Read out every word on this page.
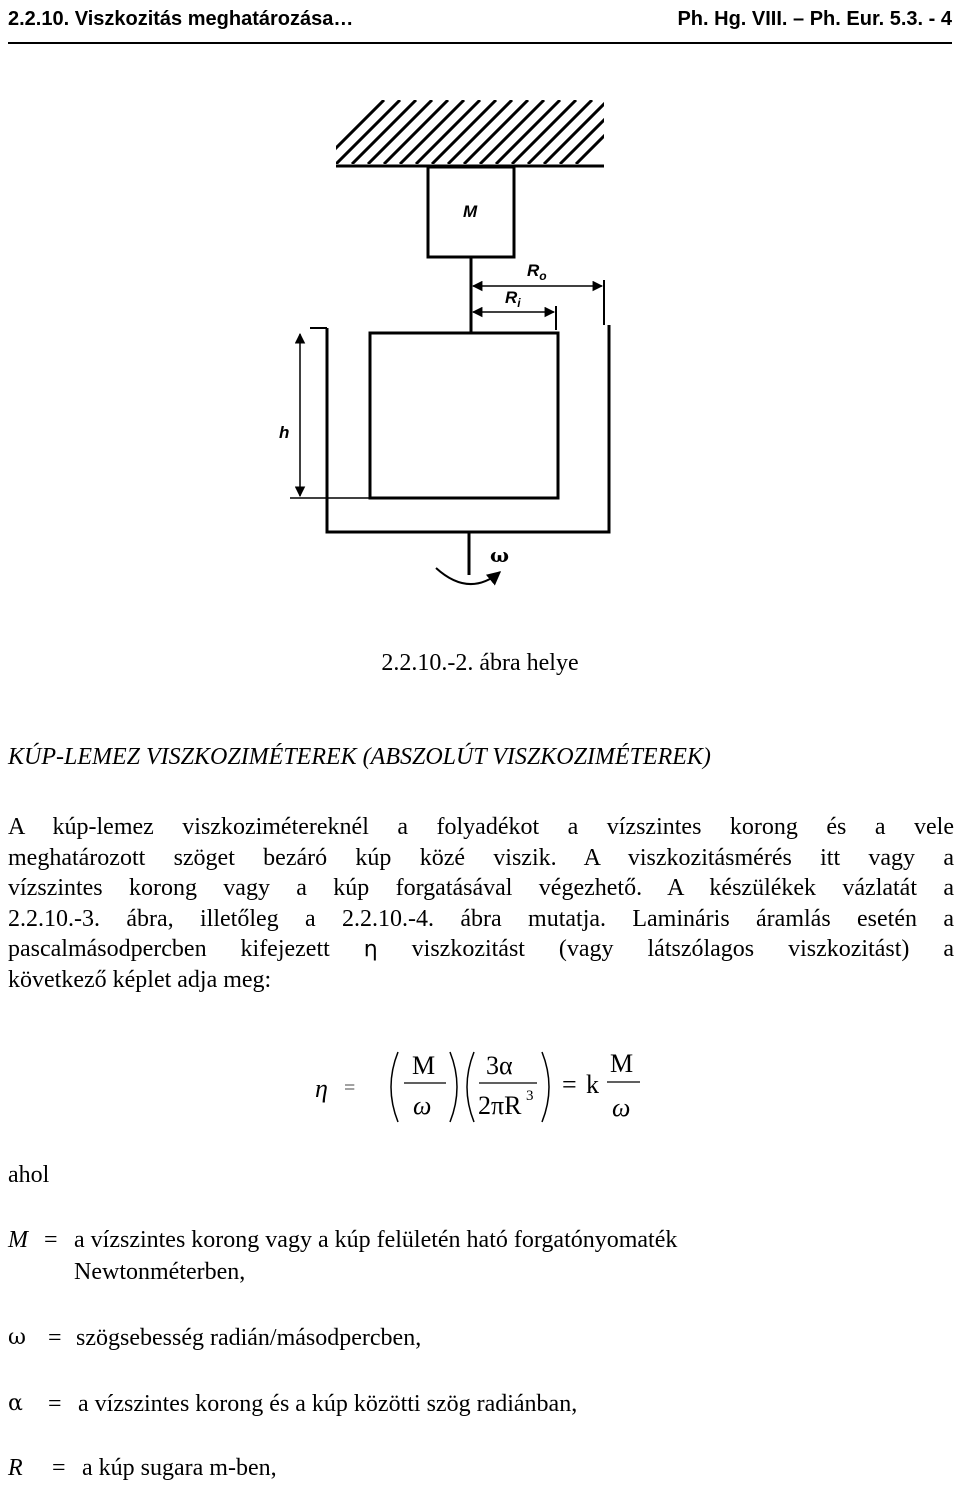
2.2.10. Viszkozitás meghatározása…	Ph. Hg. VIII. – Ph. Eur. 5.3. - 4
M
$R_o$
$R_i$
h
ω
2.2.10.-2. ábra helye
KÚP-LEMEZ VISZKOZIMÉTEREK (ABSZOLÚT VISZKOZIMÉTEREK)
A kúp-lemez viszkozimétereknél a folyadékot a vízszintes korong és a vele
meghatározott szöget bezáró kúp közé viszik. A viszkozitásmérés itt vagy a
vízszintes korong vagy a kúp forgatásával végezhető. A készülékek vázlatát a
2.2.10.-3. ábra, illetőleg a 2.2.10.-4. ábra mutatja. Lamináris áramlás esetén a
pascalmásodpercben kifejezett η viszkozitást (vagy látszólagos viszkozitást) a
következő képlet adja meg:
η =
M
ω
3α
2πR 3 = k
M
ω
ahol
M = a vízszintes korong vagy a kúp felületén ható forgatónyomaték
Newtonméterben,
ω = szögsebesség radián/másodpercben,
α = a vízszintes korong és a kúp közötti szög radiánban,
R = a kúp sugara m-ben,
